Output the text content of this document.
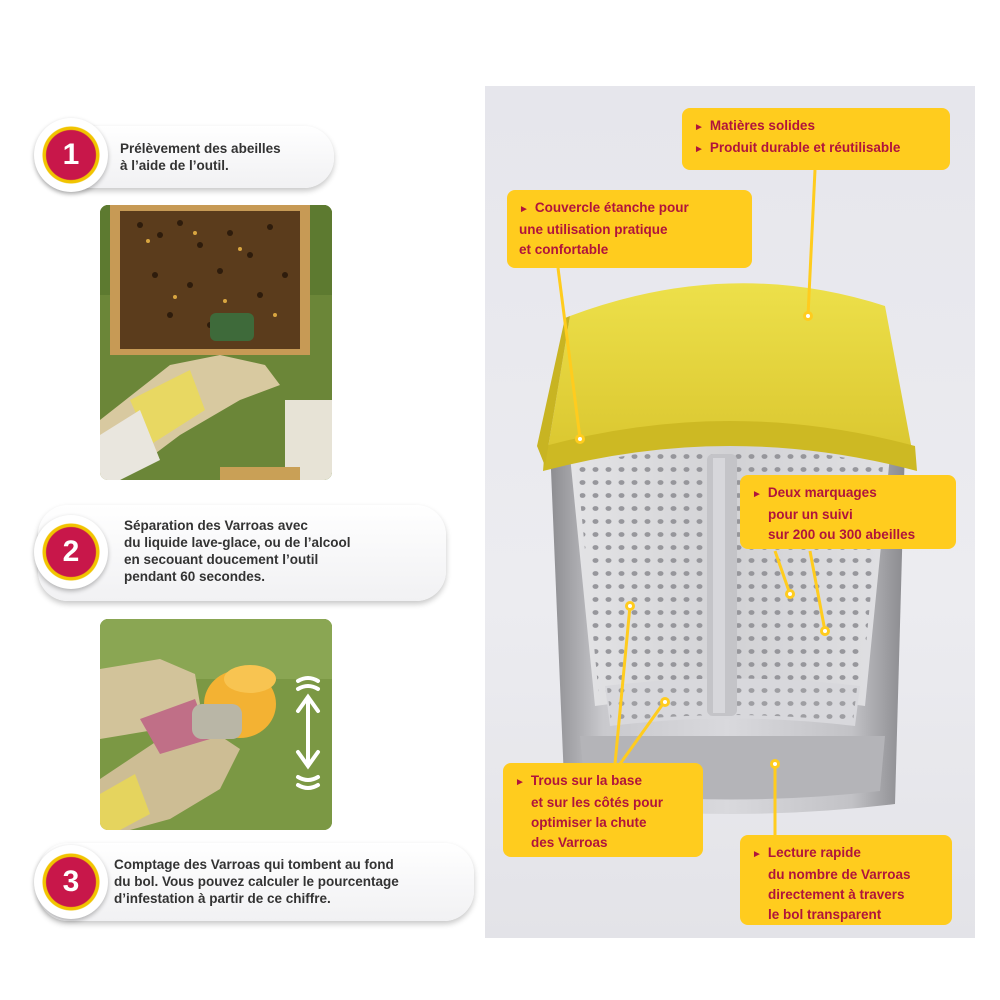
1	Prélèvement des abeilles
à l’aide de l’outil.
2
Séparation des Varroas avec
du liquide lave-glace, ou de l’alcool
en secouant doucement l’outil
pendant 60 secondes.
3
Comptage des Varroas qui tombent au fond
du bol. Vous pouvez calculer le pourcentage
d’infestation à partir de ce chiffre.
► Matières solides
► Produit durable et réutilisable
► Couvercle étanche pour
une utilisation pratique
et confortable
► Deux marquages
pour un suivi
sur 200 ou 300 abeilles
► Trous sur la base
et sur les côtés pour
optimiser la chute
des Varroas
► Lecture rapide
du nombre de Varroas
directement à travers
le bol transparent
